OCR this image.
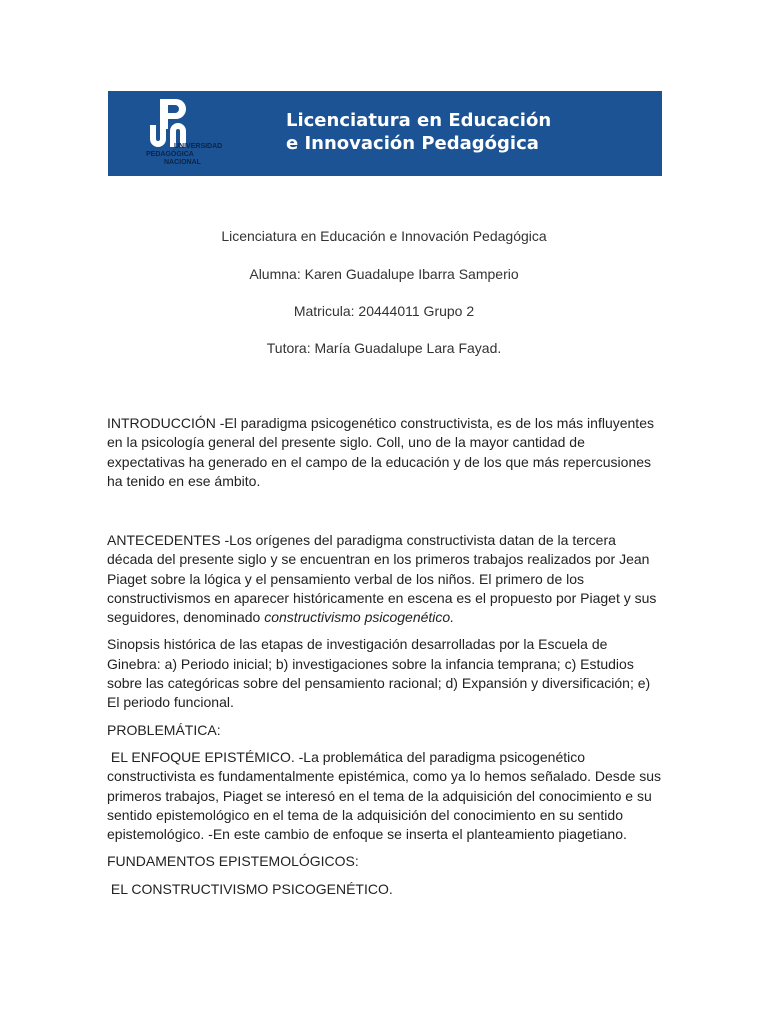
UNIVERSIDAD
PEDAGÓGICA
NACIONAL
Licenciatura en Educación
e Innovación Pedagógica
Licenciatura en Educación e Innovación Pedagógica
Alumna: Karen Guadalupe Ibarra Samperio
Matricula: 20444011 Grupo 2
Tutora: María Guadalupe Lara Fayad.

INTRODUCCIÓN -El paradigma psicogenético constructivista, es de los más influyentes en la psicología general del presente siglo. Coll, uno de la mayor cantidad de expectativas ha generado en el campo de la educación y de los que más repercusiones ha tenido en ese ámbito.

ANTECEDENTES -Los orígenes del paradigma constructivista datan de la tercera década del presente siglo y se encuentran en los primeros trabajos realizados por Jean Piaget sobre la lógica y el pensamiento verbal de los niños. El primero de los constructivismos en aparecer históricamente en escena es el propuesto por Piaget y sus seguidores, denominado constructivismo psicogenético.

Sinopsis histórica de las etapas de investigación desarrolladas por la Escuela de Ginebra: a) Periodo inicial; b) investigaciones sobre la infancia temprana; c) Estudios sobre las categóricas sobre del pensamiento racional; d) Expansión y diversificación; e) El periodo funcional.

PROBLEMÁTICA:

EL ENFOQUE EPISTÉMICO. -La problemática del paradigma psicogenético constructivista es fundamentalmente epistémica, como ya lo hemos señalado. Desde sus primeros trabajos, Piaget se interesó en el tema de la adquisición del conocimiento e su sentido epistemológico en el tema de la adquisición del conocimiento en su sentido epistemológico. -En este cambio de enfoque se inserta el planteamiento piagetiano.

FUNDAMENTOS EPISTEMOLÓGICOS:

EL CONSTRUCTIVISMO PSICOGENÉTICO.
